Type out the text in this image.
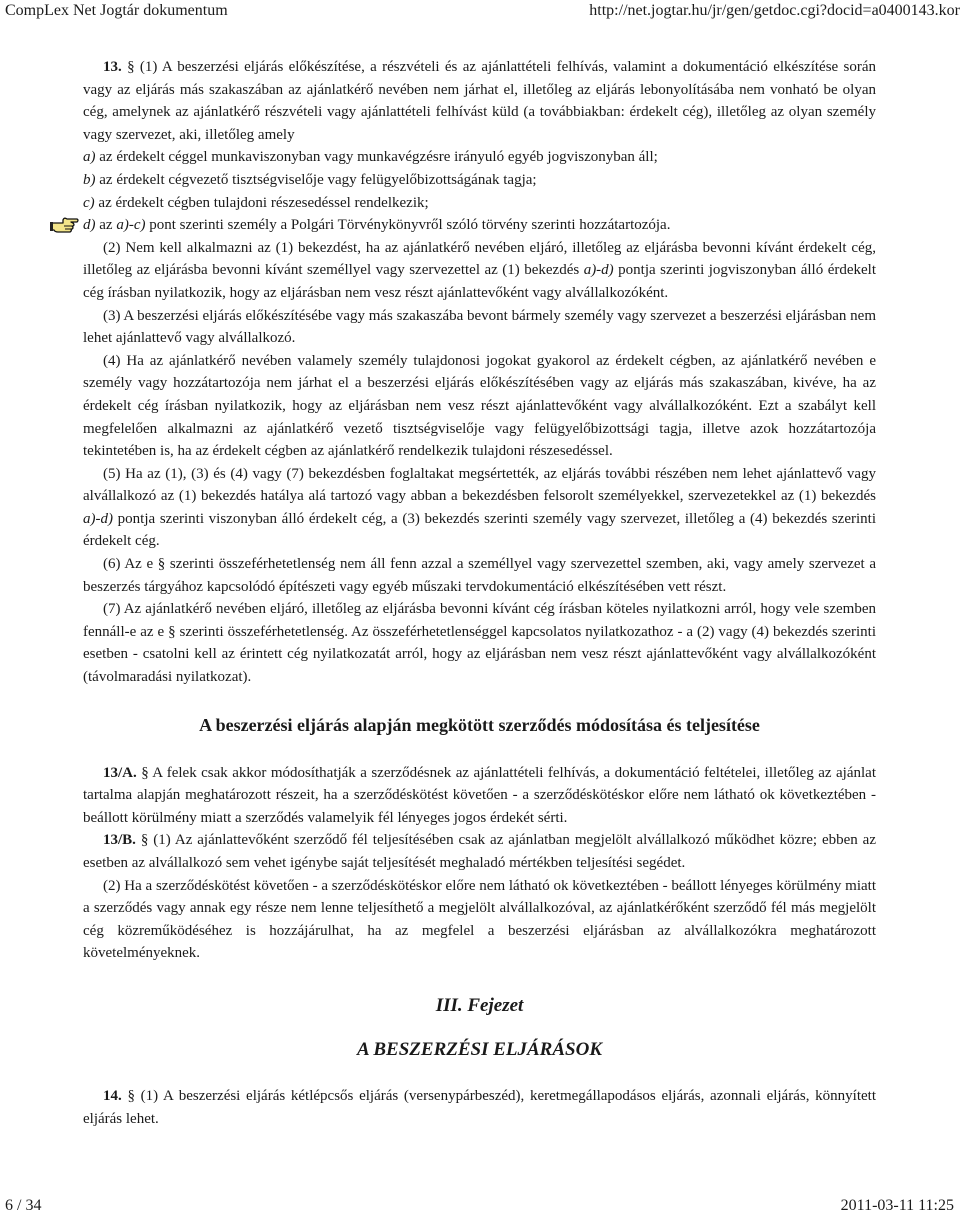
CompLex Net Jogtár dokumentum	http://net.jogtar.hu/jr/gen/getdoc.cgi?docid=a0400143.kor

13. § (1) A beszerzési eljárás előkészítése, a részvételi és az ajánlattételi felhívás, valamint a dokumentáció elkészítése során vagy az eljárás más szakaszában az ajánlatkérő nevében nem járhat el, illetőleg az eljárás lebonyolításába nem vonható be olyan cég, amelynek az ajánlatkérő részvételi vagy ajánlattételi felhívást küld (a továbbiakban: érdekelt cég), illetőleg az olyan személy vagy szervezet, aki, illetőleg amely

a) az érdekelt céggel munkaviszonyban vagy munkavégzésre irányuló egyéb jogviszonyban áll;

b) az érdekelt cégvezető tisztségviselője vagy felügyelőbizottságának tagja;

c) az érdekelt cégben tulajdoni részesedéssel rendelkezik;

d) az a)-c) pont szerinti személy a Polgári Törvénykönyvről szóló törvény szerinti hozzátartozója.

(2) Nem kell alkalmazni az (1) bekezdést, ha az ajánlatkérő nevében eljáró, illetőleg az eljárásba bevonni kívánt érdekelt cég, illetőleg az eljárásba bevonni kívánt személlyel vagy szervezettel az (1) bekezdés a)-d) pontja szerinti jogviszonyban álló érdekelt cég írásban nyilatkozik, hogy az eljárásban nem vesz részt ajánlattevőként vagy alvállalkozóként.

(3) A beszerzési eljárás előkészítésébe vagy más szakaszába bevont bármely személy vagy szervezet a beszerzési eljárásban nem lehet ajánlattevő vagy alvállalkozó.

(4) Ha az ajánlatkérő nevében valamely személy tulajdonosi jogokat gyakorol az érdekelt cégben, az ajánlatkérő nevében e személy vagy hozzátartozója nem járhat el a beszerzési eljárás előkészítésében vagy az eljárás más szakaszában, kivéve, ha az érdekelt cég írásban nyilatkozik, hogy az eljárásban nem vesz részt ajánlattevőként vagy alvállalkozóként. Ezt a szabályt kell megfelelően alkalmazni az ajánlatkérő vezető tisztségviselője vagy felügyelőbizottsági tagja, illetve azok hozzátartozója tekintetében is, ha az érdekelt cégben az ajánlatkérő rendelkezik tulajdoni részesedéssel.

(5) Ha az (1), (3) és (4) vagy (7) bekezdésben foglaltakat megsértették, az eljárás további részében nem lehet ajánlattevő vagy alvállalkozó az (1) bekezdés hatálya alá tartozó vagy abban a bekezdésben felsorolt személyekkel, szervezetekkel az (1) bekezdés a)-d) pontja szerinti viszonyban álló érdekelt cég, a (3) bekezdés szerinti személy vagy szervezet, illetőleg a (4) bekezdés szerinti érdekelt cég.

(6) Az e § szerinti összeférhetetlenség nem áll fenn azzal a személlyel vagy szervezettel szemben, aki, vagy amely szervezet a beszerzés tárgyához kapcsolódó építészeti vagy egyéb műszaki tervdokumentáció elkészítésében vett részt.

(7) Az ajánlatkérő nevében eljáró, illetőleg az eljárásba bevonni kívánt cég írásban köteles nyilatkozni arról, hogy vele szemben fennáll-e az e § szerinti összeférhetetlenség. Az összeférhetetlenséggel kapcsolatos nyilatkozathoz - a (2) vagy (4) bekezdés szerinti esetben - csatolni kell az érintett cég nyilatkozatát arról, hogy az eljárásban nem vesz részt ajánlattevőként vagy alvállalkozóként (távolmaradási nyilatkozat).

A beszerzési eljárás alapján megkötött szerződés módosítása és teljesítése

13/A. § A felek csak akkor módosíthatják a szerződésnek az ajánlattételi felhívás, a dokumentáció feltételei, illetőleg az ajánlat tartalma alapján meghatározott részeit, ha a szerződéskötést követően - a szerződéskötéskor előre nem látható ok következtében - beállott körülmény miatt a szerződés valamelyik fél lényeges jogos érdekét sérti.

13/B. § (1) Az ajánlattevőként szerződő fél teljesítésében csak az ajánlatban megjelölt alvállalkozó működhet közre; ebben az esetben az alvállalkozó sem vehet igénybe saját teljesítését meghaladó mértékben teljesítési segédet.

(2) Ha a szerződéskötést követően - a szerződéskötéskor előre nem látható ok következtében - beállott lényeges körülmény miatt a szerződés vagy annak egy része nem lenne teljesíthető a megjelölt alvállalkozóval, az ajánlatkérőként szerződő fél más megjelölt cég közreműködéséhez is hozzájárulhat, ha az megfelel a beszerzési eljárásban az alvállalkozókra meghatározott követelményeknek.

III. Fejezet
A BESZERZÉSI ELJÁRÁSOK

14. § (1) A beszerzési eljárás kétlépcsős eljárás (versenypárbeszéd), keretmegállapodásos eljárás, azonnali eljárás, könnyített eljárás lehet.

6 / 34	2011-03-11 11:25
